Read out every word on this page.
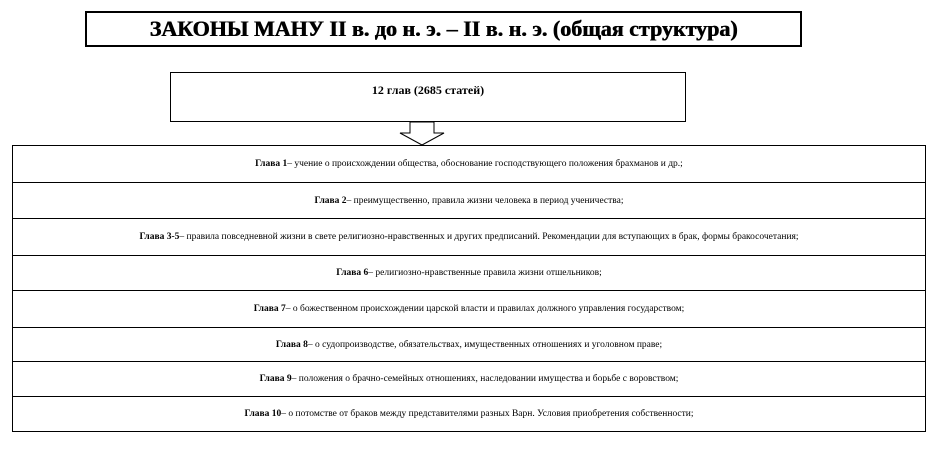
ЗАКОНЫ МАНУ II в. до н. э. – II в. н. э. (общая структура)
12 глав (2685 статей)
Глава 1 – учение о происхождении общества, обоснование господствующего положения брахманов и др.;
Глава 2 – преимущественно, правила жизни человека в период ученичества;
Глава 3-5 – правила повседневной жизни в свете религиозно-нравственных и других предписаний. Рекомендации для вступающих в брак, формы бракосочетания;
Глава 6 – религиозно-нравственные правила жизни отшельников;
Глава 7 – о божественном происхождении царской власти и правилах должного управления государством;
Глава 8 – о судопроизводстве, обязательствах, имущественных отношениях и уголовном праве;
Глава 9 – положения о брачно-семейных отношениях, наследовании имущества и борьбе с воровством;
Глава 10 – о потомстве от браков между представителями разных Варн. Условия приобретения собственности;
